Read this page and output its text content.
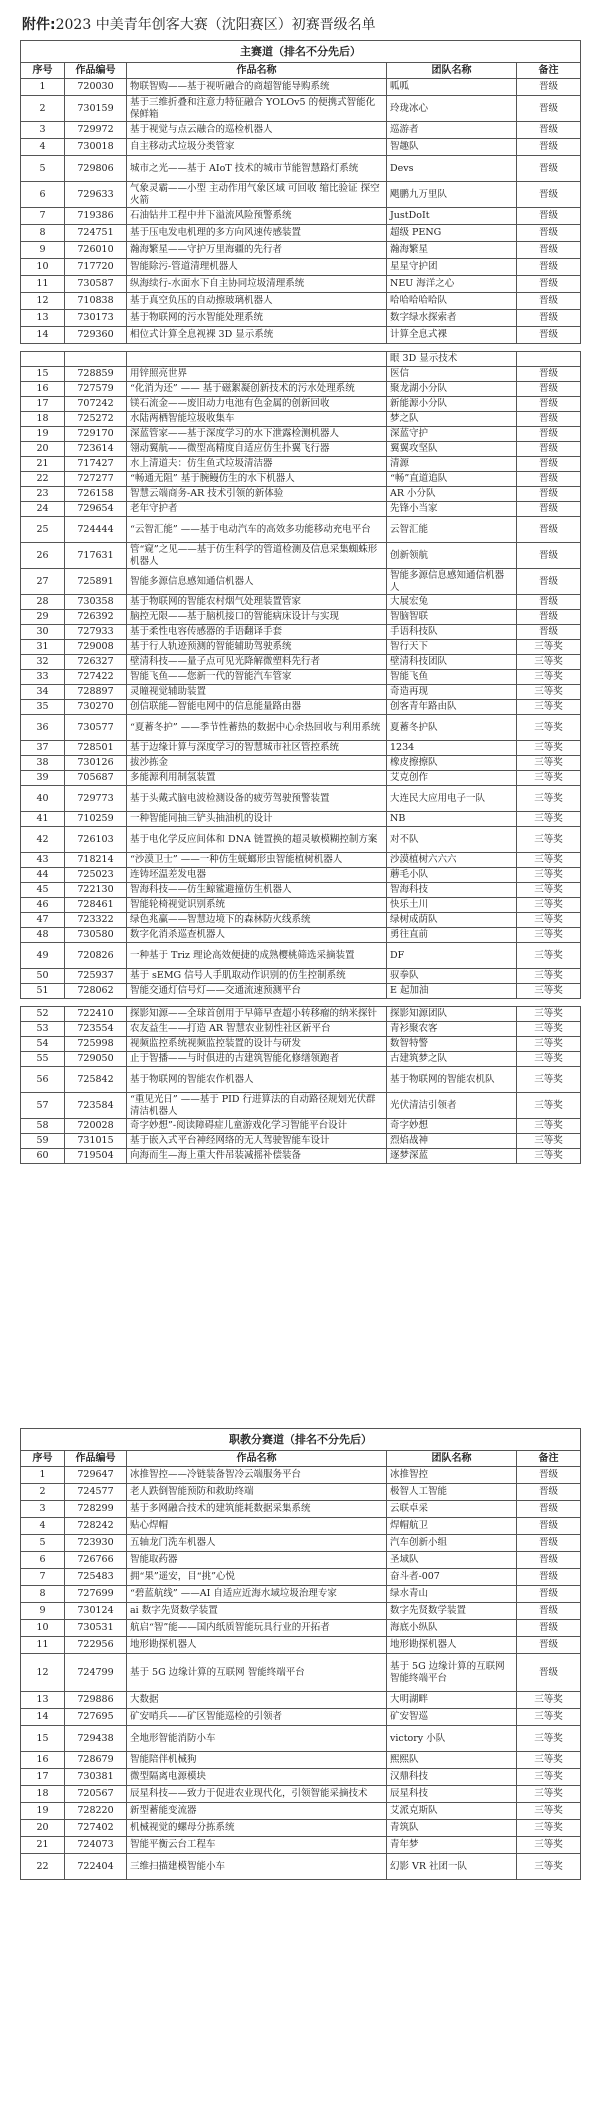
附件:2023 中美青年创客大赛（沈阳赛区）初赛晋级名单
主赛道（排名不分先后）				
序号	作品编号	作品名称	团队名称	备注
1	720030	物联智购——基于视听融合的商超智能导购系统	呱呱	晋级
2	730159	基于三维折叠和注意力特征融合 YOLOv5 的便携式智能化保鲜箱	玲珑冰心	晋级
3	729972	基于视觉与点云融合的巡检机器人	巡游者	晋级
4	730018	自主移动式垃圾分类管家	智趣队	晋级
5	729806	城市之光——基于 AIoT 技术的城市节能智慧路灯系统	Devs	晋级
6	729633	气象灵霸——小型 主动作用气象区域 可回收 缩比验证 探空火箭	飓鹏九万里队	晋级
7	719386	石油钻井工程中井下溢流风险预警系统	JustDoIt	晋级
8	724751	基于压电发电机理的多方向风速传感装置	超级 PENG	晋级
9	726010	瀚海繁星——守护万里海疆的先行者	瀚海繁星	晋级
10	717720	智能除污-管道清理机器人	星星守护团	晋级
11	730587	纵海续行-水面水下自主协同垃圾清理系统	NEU 海洋之心	晋级
12	710838	基于真空负压的自动擦玻璃机器人	哈哈哈哈哈队	晋级
13	730173	基于物联网的污水智能处理系统	数字绿水探索者	晋级
14	729360	相位式计算全息视裸 3D 显示系统	计算全息式裸	晋级

			眼 3D 显示技术	
15	728859	用锌照亮世界	医信	晋级
16	727579	“化消为还” —— 基于磁絮凝创新技术的污水处理系统	聚龙湖小分队	晋级
17	707242	镁石流金——废旧动力电池有色金属的创新回收	新能源小分队	晋级
18	725272	水陆两栖智能垃圾收集车	梦之队	晋级
19	729170	深蓝管家——基于深度学习的水下泄露检测机器人	深蓝守护	晋级
20	723614	翎动翼航——微型高精度自适应仿生扑翼飞行器	翼翼攻坚队	晋级
21	717427	水上清道夫：仿生鱼式垃圾清洁器	清源	晋级
22	727277	“畅通无阻” 基于腕鳗仿生的水下机器人	“畅”直道追队	晋级
23	726158	智慧云端商务-AR 技术引领的新体验	AR 小分队	晋级
24	729654	老年守护者	先锋小当家	晋级
25	724444	“云智汇能” ——基于电动汽车的高效多功能移动充电平台	云智汇能	晋级
26	717631	管“窥”之见——基于仿生科学的管道检测及信息采集蜘蛛形机器人	创新领航	晋级
27	725891	智能多源信息感知通信机器人	智能多源信息感知通信机器人	晋级
28	730358	基于物联网的智能农村烟气处理装置管家	大展宏兔	晋级
29	726392	脑控无限——基于脑机接口的智能病床设计与实现	智脑智联	晋级
30	727933	基于柔性电容传感器的手语翻译手套	手语科技队	晋级
31	729008	基于行人轨迹预测的智能辅助驾驶系统	智行天下	三等奖
32	726327	壁清科技——量子点可见光降解微塑料先行者	壁清科技团队	三等奖
33	727422	智能飞鱼——您新一代的智能汽车管家	智能飞鱼	三等奖
34	728897	灵瞳视觉辅助装置	奇造再现	三等奖
35	730270	创信联能—智能电网中的信息能量路由器	创客青年路由队	三等奖
36	730577	“夏蓄冬护” ——季节性蓄热的数据中心余热回收与利用系统	夏蓄冬护队	三等奖
37	728501	基于边缘计算与深度学习的智慧城市社区管控系统	1234	三等奖
38	730126	拔沙拣金	橡皮擦擦队	三等奖
39	705687	多能源利用制氢装置	艾克创作	三等奖
40	729773	基于头戴式脑电波检测设备的疲劳驾驶预警装置	大连民大应用电子一队	三等奖
41	710259	一种智能同抽三铲头抽油机的设计	NB	三等奖
42	726103	基于电化学反应间体和 DNA 链置换的超灵敏模糊控制方案	对不队	三等奖
43	718214	“沙漠卫士” ——一种仿生蜣螂形虫智能植树机器人	沙漠植树六六六	三等奖
44	725023	连铸坯温差发电器	蘑毛小队	三等奖
45	722130	智海科技——仿生鲸鲨避撞仿生机器人	智海科技	三等奖
46	728461	智能轮椅视觉识别系统	快乐土川	三等奖
47	723322	绿色兆赢——智慧边境下的森林防火线系统	绿树成荫队	三等奖
48	730580	数字化消杀巡查机器人	勇往直前	三等奖
49	720826	一种基于 Triz 理论高效便捷的成熟樱桃筛选采摘装置	DF	三等奖
50	725937	基于 sEMG 信号人手肌取动作识别的仿生控制系统	驭拳队	三等奖
51	728062	智能交通灯信号灯——交通流速预测平台	E 起加油	三等奖

52	722410	探影知源——全球首创用于早筛早查超小转移瘤的纳米探针	探影知源团队	三等奖
53	723554	农友益生——打造 AR 智慧农业韧性社区新平台	青衫聚农客	三等奖
54	725998	视频监控系统视频监控装置的设计与研发	数智特警	三等奖
55	729050	止于智播——与时俱进的古建筑智能化修缮领跑者	古建筑梦之队	三等奖
56	725842	基于物联网的智能农作机器人	基于物联网的智能农机队	三等奖
57	723584	“重见光日” ——基于 PID 行进算法的自动路径规划光伏群清洁机器人	光伏清洁引领者	三等奖
58	720028	奇字妙想”-阅读障碍症儿童游戏化学习智能平台设计	奇字妙想	三等奖
59	731015	基于嵌入式平台神经网络的无人驾驶智能车设计	烈焰战神	三等奖
60	719504	向海而生—海上重大件吊装减摇补偿装备	逐梦深蓝	三等奖
职教分赛道（排名不分先后）				
序号	作品编号	作品名称	团队名称	备注
1	729647	冰推智控——冷链装备智冷云端服务平台	冰推智控	晋级
2	724577	老人跌倒智能预防和救助终端	极智人工智能	晋级
3	728299	基于多网融合技术的建筑能耗数据采集系统	云联卓采	晋级
4	728242	贴心焊帽	焊帽航卫	晋级
5	723930	五轴龙门洗车机器人	汽车创新小组	晋级
6	726766	智能取药器	圣域队	晋级
7	725483	拥“果”遥安，目“挑”心悦	奋斗者-007	晋级
8	727699	“碧蓝航线” ——AI 自适应近海水域垃圾治理专家	绿水青山	晋级
9	730124	ai 数字先贤数学装置	数字先贤数学装置	晋级
10	730531	航启“智”能——国内纸质智能玩具行业的开拓者	海底小纵队	晋级
11	722956	地形勘探机器人	地形勘探机器人	晋级
12	724799	基于 5G 边缘计算的互联网 智能终端平台	基于 5G 边缘计算的互联网智能终端平台	晋级
13	729886	大数据	大明湖畔	三等奖
14	727695	矿安哨兵——矿区智能巡检的引领者	矿安智巡	三等奖
15	729438	全地形智能消防小车	victory 小队	三等奖
16	728679	智能陪伴机械狗	熙熙队	三等奖
17	730381	微型隔离电源模块	汉鼎科技	三等奖
18	720567	辰星科技——致力于促进农业现代化，引领智能采摘技术	辰星科技	三等奖
19	728220	新型蓄能变流器	艾派克斯队	三等奖
20	727402	机械视觉的螺母分拣系统	青筑队	三等奖
21	724073	智能平衡云台工程车	青年梦	三等奖
22	722404	三维扫描建模智能小车	幻影 VR 社团一队	三等奖
